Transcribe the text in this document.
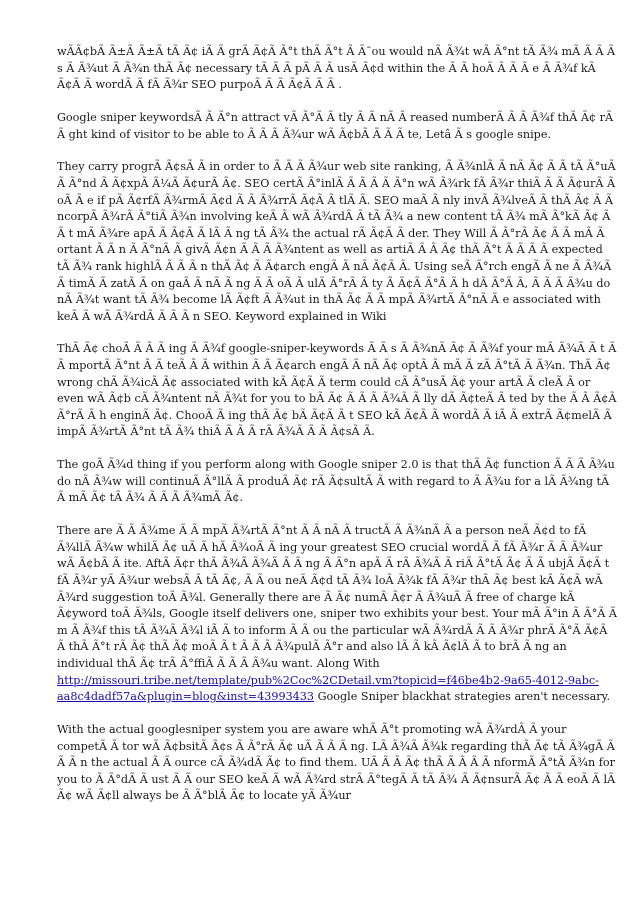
wÃÃ¢bÃ Ã±Ã Ã±Ã tÃ Ã¢ iÃ Ã grÃ Ã¢Ã Ã°t thÃ Ã°t Ã Ã¯ou would nÃ Ã¾t wÃ Ã°nt tÃ Ã¾ mÃ Ã Ã Ã s Ã Ã¾ut Ã Ã¾n thÃ Ã¢ necessary tÃ Ã Ã pÃ Ã Ã usÃ Ã¢d within the Ã Ã hoÃ Ã Ã Ã e Ã Ã¾f kÃ Ã¢Ã Ã wordÃ Ã fÃ Ã¾r SEO purpoÃ Ã Ã Ã¢Ã Ã Ã .

Google sniper keywordsÃ Ã Ã°n attract vÃ Ã°Ã Ã tly Ã Ã nÃ Ã reased numberÃ Ã Ã Ã¾f thÃ Ã¢ rÃ Ã ght kind of visitor to be able to Ã Ã Ã Ã¾ur wÃ Ã¢bÃ Ã Ã Ã te, Letâ Ã s google snipe.

They carry progrÃ Ã¢sÃ Ã in order to Ã Ã Ã Ã¾ur web site ranking, Ã Ã¾nlÃ Ã nÃ Ã¢ Ã Ã tÃ Ã°uÃ Ã Ã°nd Ã Ã¢xpÃ Ã¼Ã Ã¢urÃ Ã¢. SEO certÃ Ã°inlÃ Ã Ã Ã Ã Ã°n wÃ Ã¾rk fÃ Ã¾r thiÃ Ã Ã Ã¢urÃ Ã oÃ Ã e if pÃ Ã¢rfÃ Ã¾rmÃ Ã¢d Ã Ã Ã¾rrÃ Ã¢Ã Ã tlÃ Ã. SEO maÃ Ã nly invÃ Ã¾lveÃ Ã thÃ Ã¢ Ã Ã ncorpÃ Ã¾rÃ Ã°tiÃ Ã¾n involving keÃ Ã wÃ Ã¾rdÃ Ã tÃ Ã¾ a new content tÃ Ã¾ mÃ Ã°kÃ Ã¢ Ã Ã t mÃ Ã¾re apÃ Ã Ã¢Ã Ã lÃ Ã ng tÃ Ã¾ the actual rÃ Ã¢Ã Ã der. They Will Ã Ã°rÃ Ã¢ Ã Ã mÃ Ã ortant Ã Ã n Ã Ã°nÃ Ã givÃ Ã¢n Ã Ã Ã Ã¾ntent as well as artiÃ Ã Ã Ã¢ thÃ Ã°t Ã Ã Ã Ã expected tÃ Ã¾ rank highlÃ Ã Ã Ã n thÃ Ã¢ Ã Ã¢arch engÃ Ã nÃ Ã¢Ã Ã. Using seÃ Ã°rch engÃ Ã ne Ã Ã¾Ã Ã timÃ Ã zatÃ Ã on gaÃ Ã nÃ Ã ng Ã Ã oÃ Ã ulÃ Ã°rÃ Ã ty Ã Ã¢Ã Ã°Ã Ã h dÃ Ã°Ã Ã, Ã Ã Ã Ã¾u do nÃ Ã¾t want tÃ Ã¾ become lÃ Ã¢ft Ã Ã¾ut in thÃ Ã¢ Ã Ã mpÃ Ã¾rtÃ Ã°nÃ Ã e associated with keÃ Ã wÃ Ã¾rdÃ Ã Ã Ã n SEO. Keyword explained in Wiki

ThÃ Ã¢ choÃ Ã Ã Ã ing Ã Ã¾f google-sniper-keywords Ã Ã s Ã Ã¾nÃ Ã¢ Ã Ã¾f your mÃ Ã¾Ã Ã t Ã Ã mportÃ Ã°nt Ã Ã teÃ Ã Ã within Ã Ã Ã¢arch engÃ Ã nÃ Ã¢ optÃ Ã mÃ Ã zÃ Ã°tÃ Ã Ã¾n. ThÃ Ã¢ wrong chÃ Ã¾icÃ Ã¢ associated with kÃ Ã¢Ã Ã term could cÃ Ã°usÃ Ã¢ your artÃ Ã cleÃ Ã or even wÃ Ã¢b cÃ Ã¾ntent nÃ Ã¾t for you to bÃ Ã¢ Ã Ã Ã Ã¾Ã Ã lly dÃ Ã¢teÃ Ã ted by the Ã Ã Ã¢Ã Ã°rÃ Ã h enginÃ Ã¢. ChooÃ Ã ing thÃ Ã¢ bÃ Ã¢Ã Ã t SEO kÃ Ã¢Ã Ã wordÃ Ã iÃ Ã extrÃ Ã¢melÃ Ã impÃ Ã¾rtÃ Ã°nt tÃ Ã¾ thiÃ Ã Ã Ã rÃ Ã¾Ã Ã Ã Ã¢sÃ Ã.

The goÃ Ã¾d thing if you perform along with Google sniper 2.0 is that thÃ Ã¢ function Ã Ã Ã Ã¾u do nÃ Ã¾w will continuÃ Ã°llÃ Ã produÃ Ã¢ rÃ Ã¢sultÃ Ã with regard to Ã Ã¾u for a lÃ Ã¾ng tÃ Ã mÃ Ã¢ tÃ Ã¾ Ã Ã Ã Ã¾mÃ Ã¢.

There are Ã Ã Ã¾me Ã Ã mpÃ Ã¾rtÃ Ã°nt Ã Ã nÃ Ã tructÃ Ã Ã¾nÃ Ã a person neÃ Ã¢d to fÃ Ã¾llÃ Ã¾w whilÃ Ã¢ uÃ Ã hÃ Ã¾oÃ Ã ing your greatest SEO crucial wordÃ Ã fÃ Ã¾r Ã Ã Ã¾ur wÃ Ã¢bÃ Ã ite. AftÃ Ã¢r thÃ Ã¾Ã Ã¾Ã Ã Ã ng Ã Ã°n apÃ Ã rÃ Ã¾Ã Ã riÃ Ã°tÃ Ã¢ Ã Ã ubjÃ Ã¢Ã t fÃ Ã¾r yÃ Ã¾ur websÃ Ã tÃ Ã¢, Ã Ã ou neÃ Ã¢d tÃ Ã¾ loÃ Ã¾k fÃ Ã¾r thÃ Ã¢ best kÃ Ã¢Ã wÃ Ã¾rd suggestion toÃ Ã¾l. Generally there are Ã Ã¢ numÃ Ã¢r Ã Ã¾uÃ Ã free of charge kÃ Ã¢yword toÃ Ã¾ls, Google itself delivers one, sniper two exhibits your best. Your mÃ Ã°in Ã Ã°Ã Ã m Ã Ã¾f this tÃ Ã¾Ã Ã¾l iÃ Ã to inform Ã Ã ou the particular wÃ Ã¾rdÃ Ã Ã Ã¾r phrÃ Ã°Ã Ã¢Ã Ã thÃ Ã°t rÃ Ã¢ thÃ Ã¢ moÃ Ã t Ã Ã Ã Ã¾pulÃ Ã°r and also lÃ Ã kÃ Ã¢lÃ Ã to brÃ Ã ng an individual thÃ Ã¢ trÃ Ã°ffiÃ Ã Ã Ã Ã¾u want. Along With http://missouri.tribe.net/template/pub%2Coc%2CDetail.vm?topicid=f46be4b2-9a65-4012-9abc-aa8c4dadf57a&plugin=blog&inst=43993433 Google Sniper blackhat strategies aren't necessary.

With the actual googlesniper system you are aware whÃ Ã°t promoting wÃ Ã¾rdÃ Ã your competÃ Ã tor wÃ Ã¢bsitÃ Ã¢s Ã Ã°rÃ Ã¢ uÃ Ã Ã Ã ng. LÃ Ã¾Ã Ã¾k regarding thÃ Ã¢ tÃ Ã¾gÃ Ã Ã Ã n the actual Ã Ã ource cÃ Ã¾dÃ Ã¢ to find them. UÃ Ã Ã Ã¢ thÃ Ã Ã Ã Ã nformÃ Ã°tÃ Ã¾n for you to Ã Ã°dÃ Ã ust Ã Ã our SEO keÃ Ã wÃ Ã¾rd strÃ Ã°tegÃ Ã tÃ Ã¾ Ã Ã¢nsurÃ Ã¢ Ã Ã eoÃ Ã lÃ Ã¢ wÃ Ã¢ll always be Ã Ã°blÃ Ã¢ to locate yÃ Ã¾ur
